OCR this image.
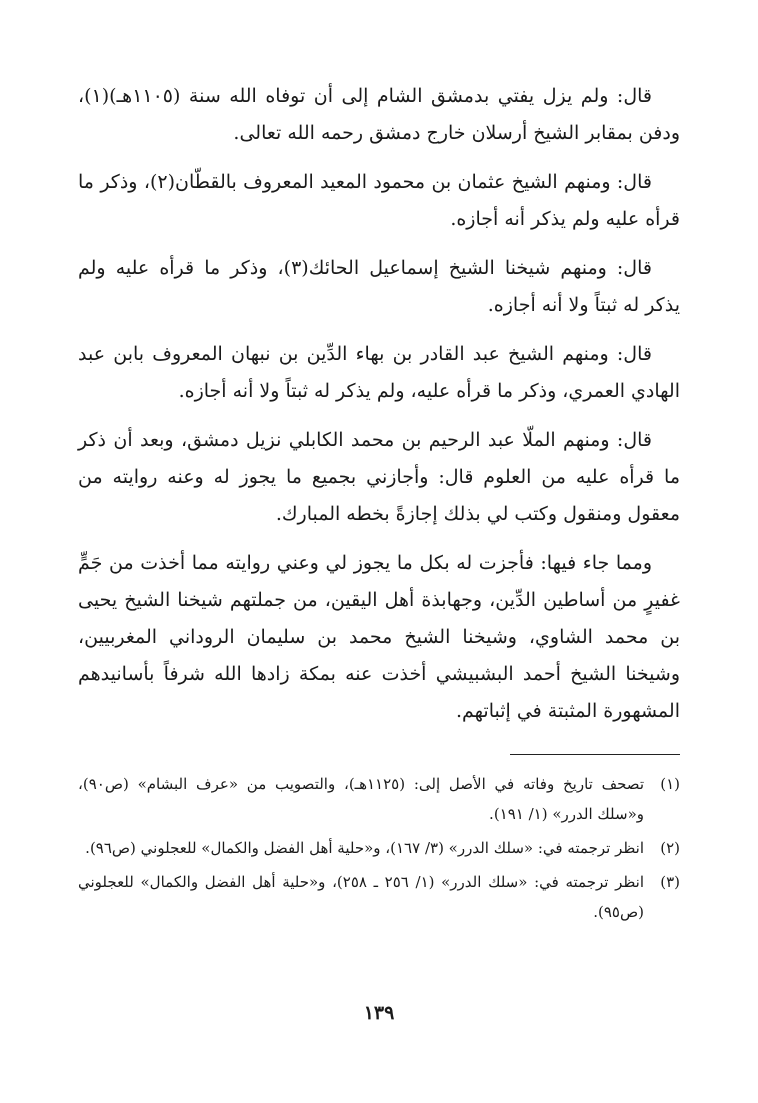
قال: ولم يزل يفتي بدمشق الشام إلى أن توفاه الله سنة (١١٠٥هـ)(١)، ودفن بمقابر الشيخ أرسلان خارج دمشق رحمه الله تعالى.

قال: ومنهم الشيخ عثمان بن محمود المعيد المعروف بالقطّان(٢)، وذكر ما قرأه عليه ولم يذكر أنه أجازه.

قال: ومنهم شيخنا الشيخ إسماعيل الحائك(٣)، وذكر ما قرأه عليه ولم يذكر له ثبتاً ولا أنه أجازه.

قال: ومنهم الشيخ عبد القادر بن بهاء الدِّين بن نبهان المعروف بابن عبد الهادي العمري، وذكر ما قرأه عليه، ولم يذكر له ثبتاً ولا أنه أجازه.

قال: ومنهم الملّا عبد الرحيم بن محمد الكابلي نزيل دمشق، وبعد أن ذكر ما قرأه عليه من العلوم قال: وأجازني بجميع ما يجوز له وعنه روايته من معقول ومنقول وكتب لي بذلك إجازةً بخطه المبارك.

ومما جاء فيها: فأجزت له بكل ما يجوز لي وعني روايته مما أخذت من جَمٍّ غفيرٍ من أساطين الدِّين، وجهابذة أهل اليقين، من جملتهم شيخنا الشيخ يحيى بن محمد الشاوي، وشيخنا الشيخ محمد بن سليمان الروداني المغربيين، وشيخنا الشيخ أحمد البشبيشي أخذت عنه بمكة زادها الله شرفاً بأسانيدهم المشهورة المثبتة في إثباتهم.

(١)
تصحف تاريخ وفاته في الأصل إلى: (١١٢٥هـ)، والتصويب من «عرف البشام» (ص٩٠)، و«سلك الدرر» (١/ ١٩١).
(٢)
انظر ترجمته في: «سلك الدرر» (٣/ ١٦٧)، و«حلية أهل الفضل والكمال» للعجلوني (ص٩٦).
(٣)
انظر ترجمته في: «سلك الدرر» (١/ ٢٥٦ ـ ٢٥٨)، و«حلية أهل الفضل والكمال» للعجلوني (ص٩٥).
١٣٩
